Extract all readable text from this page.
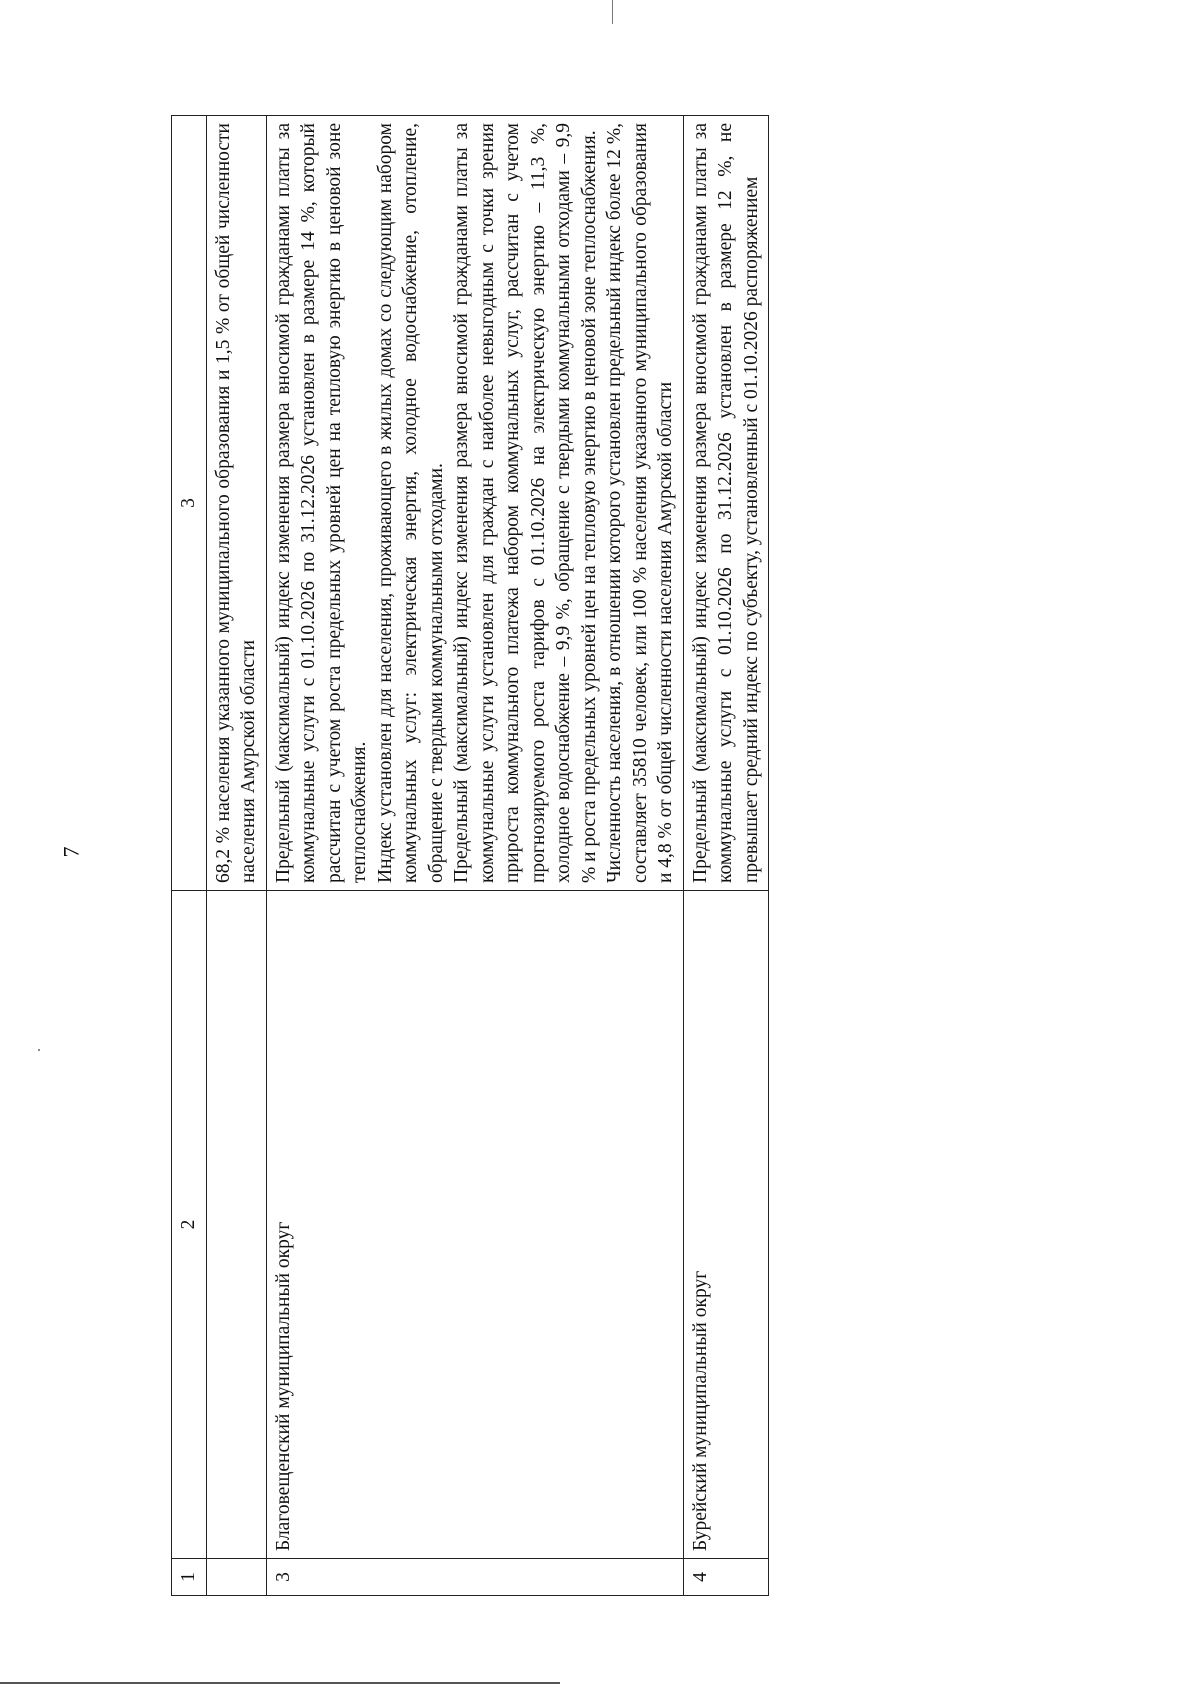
7
1	2	3

		68,2 % населения указанного муниципального образования и 1,5 % от общей численности населения Амурской области

3	Благовещенский муниципальный округ	Предельный (максимальный) индекс изменения размера вносимой гражданами платы за коммунальные услуги с 01.10.2026 по 31.12.2026 установлен в размере 14 %, который рассчитан с учетом роста предельных уровней цен на тепловую энергию в ценовой зоне теплоснабжения. Индекс установлен для населения, проживающего в жилых домах со следующим набором коммунальных услуг: электрическая энергия, холодное водоснабжение, отопление, обращение с твердыми коммунальными отходами. Предельный (максимальный) индекс изменения размера вносимой гражданами платы за коммунальные услуги установлен для граждан с наиболее невыгодным с точки зрения прироста коммунального платежа набором коммунальных услуг, рассчитан с учетом прогнозируемого роста тарифов с 01.10.2026 на электрическую энергию – 11,3 %, холодное водоснабжение – 9,9 %, обращение с твердыми коммунальными отходами – 9,9 % и роста предельных уровней цен на тепловую энергию в ценовой зоне теплоснабжения. Численность населения, в отношении которого установлен предельный индекс более 12 %, составляет 35810 человек, или 100 % населения указанного муниципального образования и 4,8 % от общей численности населения Амурской области

4	Бурейский муниципальный округ	Предельный (максимальный) индекс изменения размера вносимой гражданами платы за коммунальные услуги с 01.10.2026 по 31.12.2026 установлен в размере 12 %, не превышает средний индекс по субъекту, установленный с 01.10.2026 распоряжением
